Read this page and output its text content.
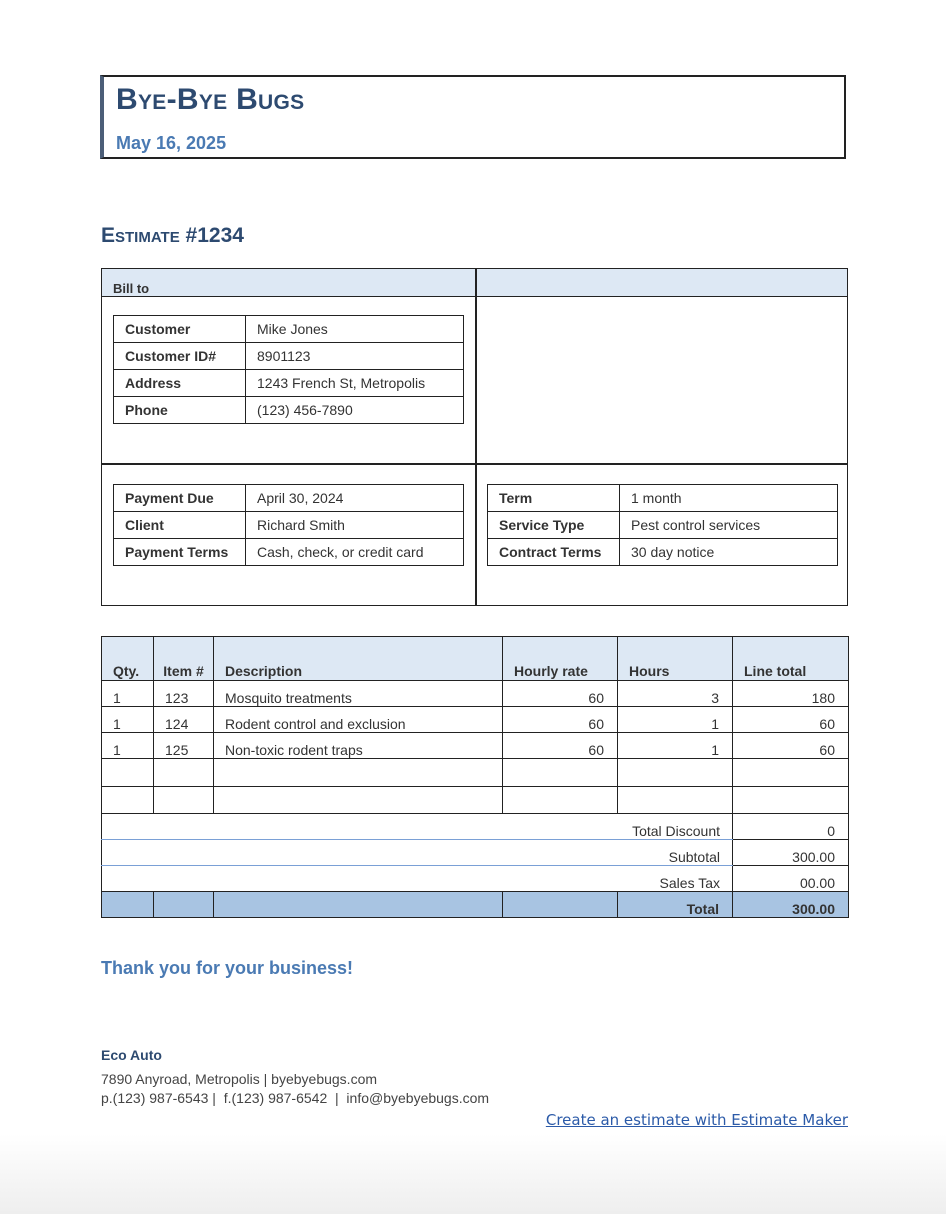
Bye-Bye Bugs
May 16, 2025
Estimate #1234
Bill to
Customer	Mike Jones
Customer ID#	8901123
Address	1243 French St, Metropolis
Phone	(123) 456-7890
Payment Due	April 30, 2024
Client	Richard Smith
Payment Terms	Cash, check, or credit card
Term	1 month
Service Type	Pest control services
Contract Terms	30 day notice
Qty.	Item #	Description	Hourly rate	Hours	Line total
1	123	Mosquito treatments	60	3	180
1	124	Rodent control and exclusion	60	1	60
1	125	Non-toxic rodent traps	60	1	60

Total Discount					0
Subtotal					300.00
Sales Tax					00.00
				Total	300.00
Thank you for your business!
Eco Auto
7890 Anyroad, Metropolis | byebyebugs.com
p.(123) 987-6543 |  f.(123) 987-6542  |  info@byebyebugs.com
Create an estimate with Estimate Maker
